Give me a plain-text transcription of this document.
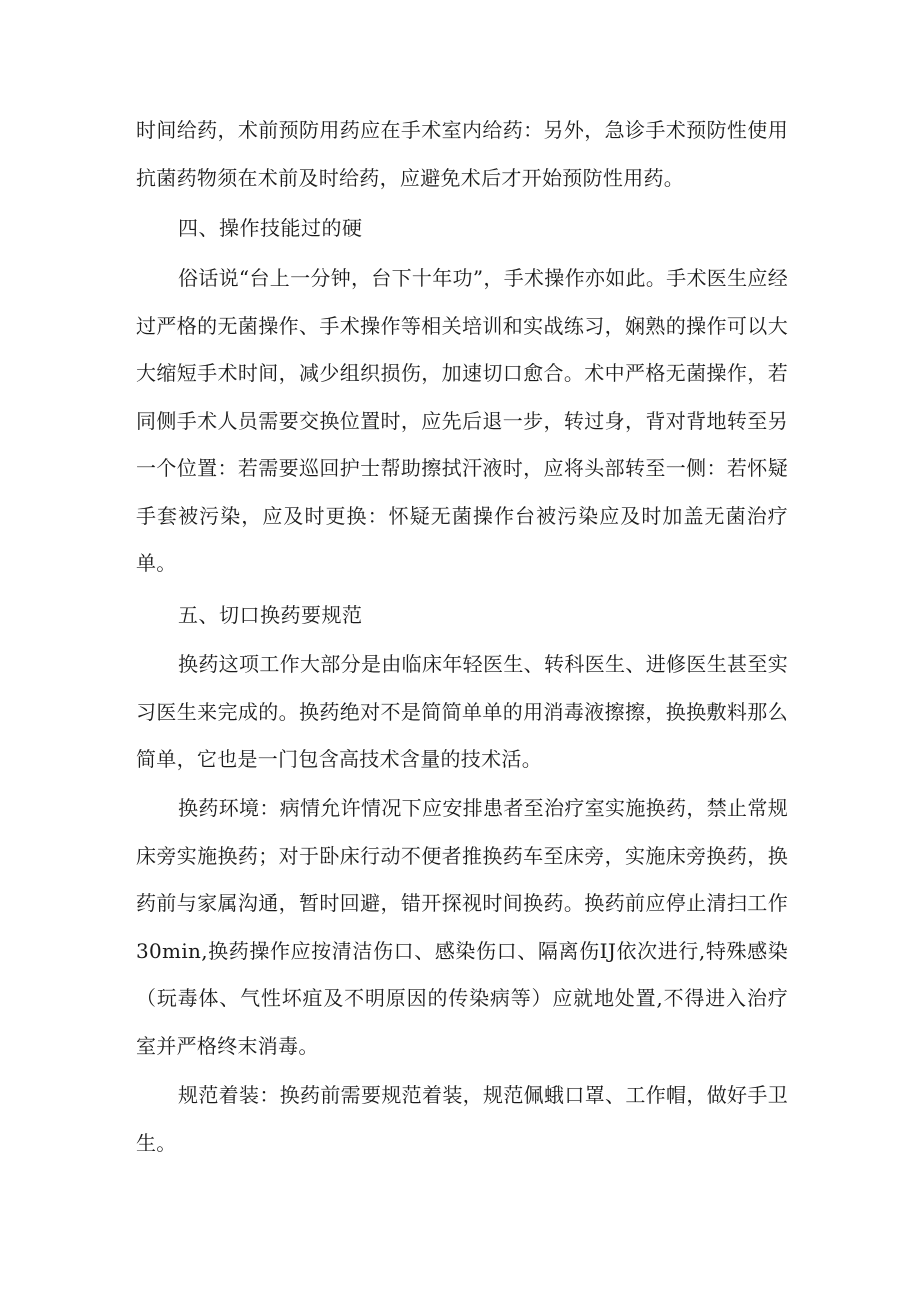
时间给药，术前预防用药应在手术室内给药：另外，急诊手术预防性使用抗菌药物须在术前及时给药，应避免术后才开始预防性用药。

四、操作技能过的硬

俗话说“台上一分钟，台下十年功”，手术操作亦如此。手术医生应经过严格的无菌操作、手术操作等相关培训和实战练习，娴熟的操作可以大大缩短手术时间，减少组织损伤，加速切口愈合。术中严格无菌操作，若同侧手术人员需要交换位置时，应先后退一步，转过身，背对背地转至另一个位置：若需要巡回护士帮助擦拭汗液时，应将头部转至一侧：若怀疑手套被污染，应及时更换：怀疑无菌操作台被污染应及时加盖无菌治疗单。

五、切口换药要规范

换药这项工作大部分是由临床年轻医生、转科医生、进修医生甚至实习医生来完成的。换药绝对不是简简单单的用消毒液擦擦，换换敷料那么简单，它也是一门包含高技术含量的技术活。

换药环境：病情允许情况下应安排患者至治疗室实施换药，禁止常规床旁实施换药；对于卧床行动不便者推换药车至床旁，实施床旁换药，换药前与家属沟通，暂时回避，错开探视时间换药。换药前应停止清扫工作30min,换药操作应按清洁伤口、感染伤口、隔离伤IJ依次进行,特殊感染（玩毒体、气性坏疽及不明原因的传染病等）应就地处置,不得进入治疗室并严格终末消毒。

规范着装：换药前需要规范着装，规范佩蛾口罩、工作帽，做好手卫生。
